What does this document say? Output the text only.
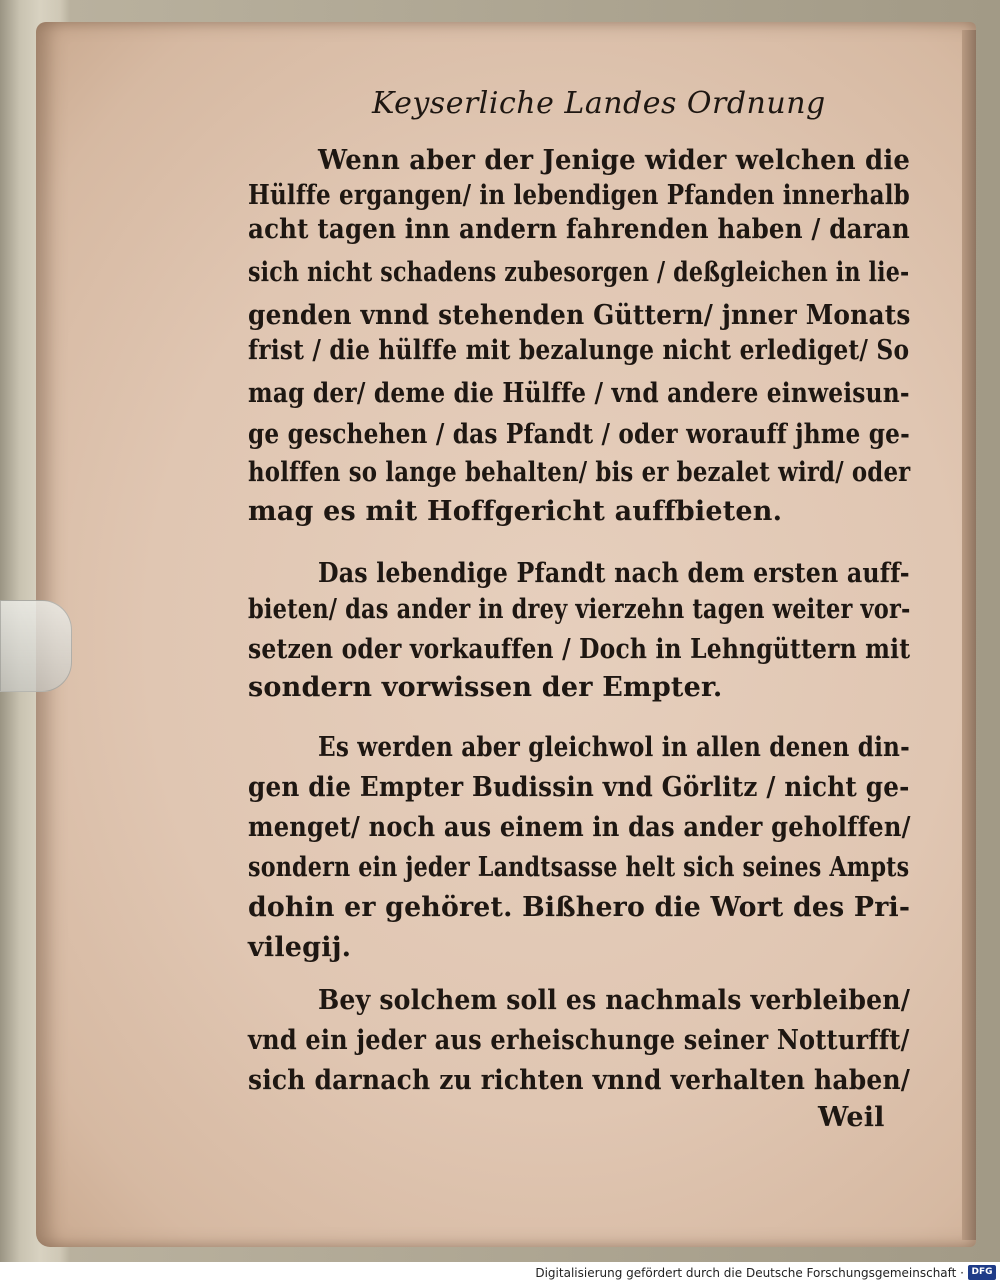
Keyserliche Landes Ordnung
Wenn aber der Jenige wider welchen die
Hülffe ergangen/ in lebendigen Pfanden innerhalb
acht tagen inn andern fahrenden haben / daran
sich nicht schadens zubesorgen / deßgleichen in lie-
genden vnnd stehenden Güttern/ jnner Monats
frist / die hülffe mit bezalunge nicht erlediget/ So
mag der/ deme die Hülffe / vnd andere einweisun-
ge geschehen / das Pfandt / oder worauff jhme ge-
holffen so lange behalten/ bis er bezalet wird/ oder
mag es mit Hoffgericht auffbieten.
Das lebendige Pfandt nach dem ersten auff-
bieten/ das ander in drey vierzehn tagen weiter vor-
setzen oder vorkauffen / Doch in Lehngüttern mit
sondern vorwissen der Empter.
Es werden aber gleichwol in allen denen din-
gen die Empter Budissin vnd Görlitz / nicht ge-
menget/ noch aus einem in das ander geholffen/
sondern ein jeder Landtsasse helt sich seines Ampts
dohin er gehöret. Bißhero die Wort des Pri-
vilegij.
Bey solchem soll es nachmals verbleiben/
vnd ein jeder aus erheischunge seiner Notturfft/
sich darnach zu richten vnnd verhalten haben/
Weil
Digitalisierung gefördert durch die Deutsche Forschungsgemeinschaft · DFG
